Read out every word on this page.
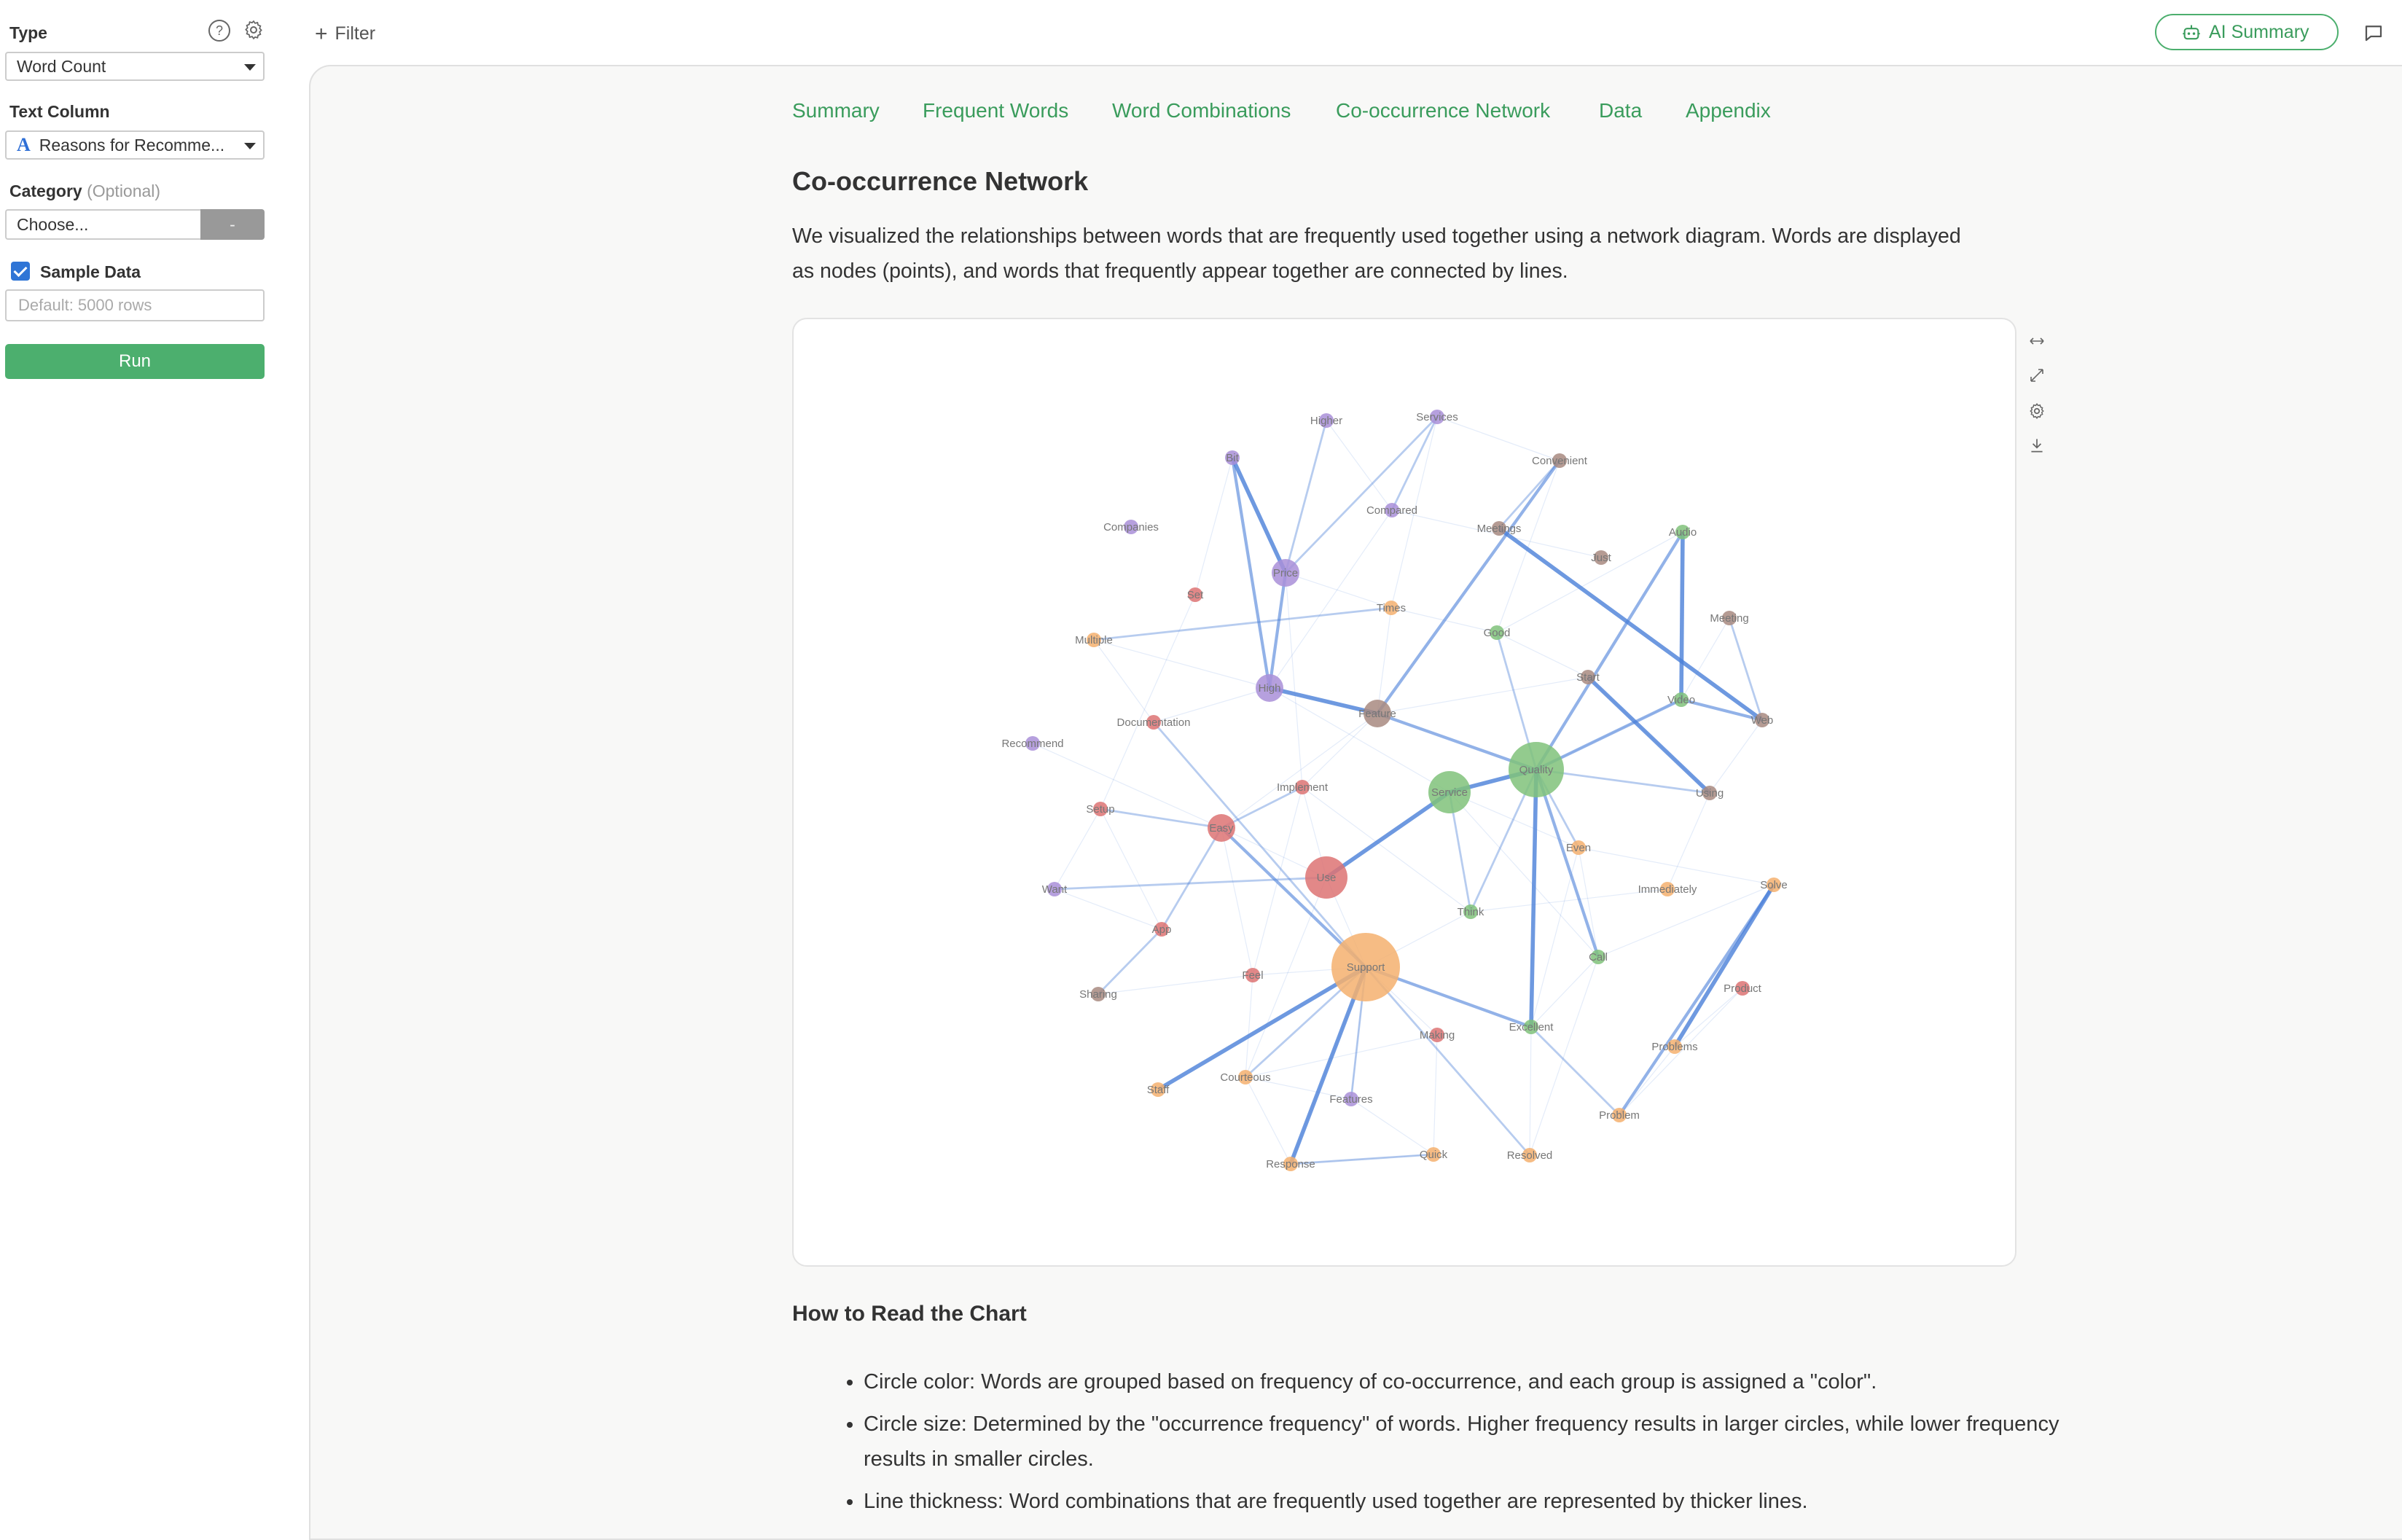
Type	?
Word Count
Text Column
A Reasons for Recomme...
Category (Optional)
Choose...	-
Sample Data
Default: 5000 rows
Run
+ Filter	AI Summary
Summary Frequent Words Word Combinations Co-occurrence Network Data Appendix
Co-occurrence Network
We visualized the relationships between words that are frequently used together using a network diagram. Words are displayed as nodes (points), and words that frequently appear together are connected by lines.
Higher	Services
Bit	Convenient
Compared
Companies	Meetings	Audio
Just
Price
Set
Times
Multiple
Good
Meeting
Start
High
Feature
Video
Web
Documentation
Recommend
Quality
Implement	Service	Using
Setup
Easy
Even
Use
Want	Immediately	Solve
Think
App
Support
Call
Feel
Product
Sharing
Excellent
Making
Problems
Courteous
Staff
Features
Problem
Quick	Resolved
Response
How to Read the Chart
• Circle color: Words are grouped based on frequency of co-occurrence, and each group is assigned a "color".
• Circle size: Determined by the "occurrence frequency" of words. Higher frequency results in larger circles, while lower frequency results in smaller circles.
• Line thickness: Word combinations that are frequently used together are represented by thicker lines.
